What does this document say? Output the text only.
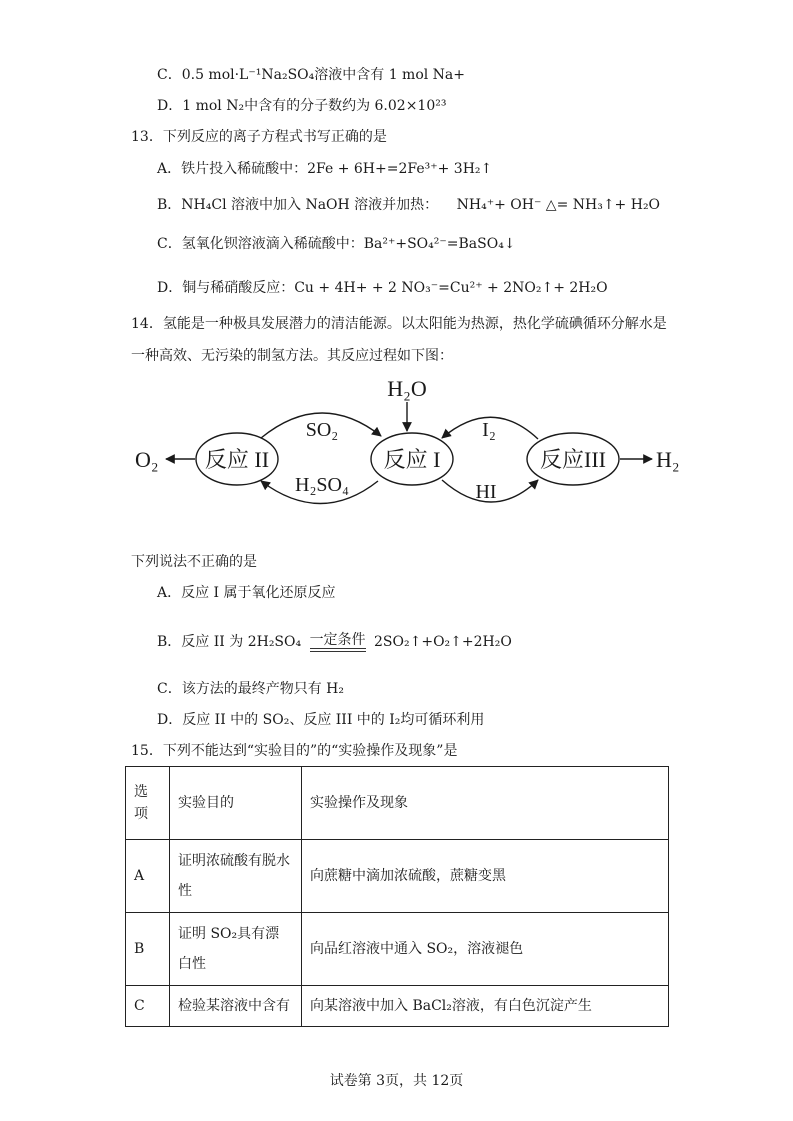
C．0.5 mol·L⁻¹Na₂SO₄溶液中含有 1 mol Na+
D．1 mol N₂中含有的分子数约为 6.02×10²³
13．下列反应的离子方程式书写正确的是
A．铁片投入稀硫酸中：2Fe + 6H+=2Fe³⁺+ 3H₂↑
B．NH₄Cl 溶液中加入 NaOH 溶液并加热： NH₄⁺+ OH⁻ △= NH₃↑+ H₂O
C．氢氧化钡溶液滴入稀硫酸中：Ba²⁺+SO₄²⁻=BaSO₄↓
D．铜与稀硝酸反应：Cu + 4H+ + 2 NO₃⁻=Cu²⁺ + 2NO₂↑+ 2H₂O
14．氢能是一种极具发展潜力的清洁能源。以太阳能为热源，热化学硫碘循环分解水是
一种高效、无污染的制氢方法。其反应过程如下图：
反应 II	反应 I	反应III
O₂	H₂
H₂O
SO₂
H₂SO₄
I₂
HI
下列说法不正确的是
A．反应 I 属于氧化还原反应
B．反应 II 为 2H₂SO₄ 一定条件 2SO₂↑+O₂↑+2H₂O
C．该方法的最终产物只有 H₂
D．反应 II 中的 SO₂、反应 III 中的 I₂均可循环利用
15．下列不能达到“实验目的”的“实验操作及现象”是
选项	实验目的	实验操作及现象
A	证明浓硫酸有脱水性	向蔗糖中滴加浓硫酸，蔗糖变黑
B	证明 SO₂具有漂白性	向品红溶液中通入 SO₂，溶液褪色
C	检验某溶液中含有	向某溶液中加入 BaCl₂溶液，有白色沉淀产生
试卷第 3页，共 12页
